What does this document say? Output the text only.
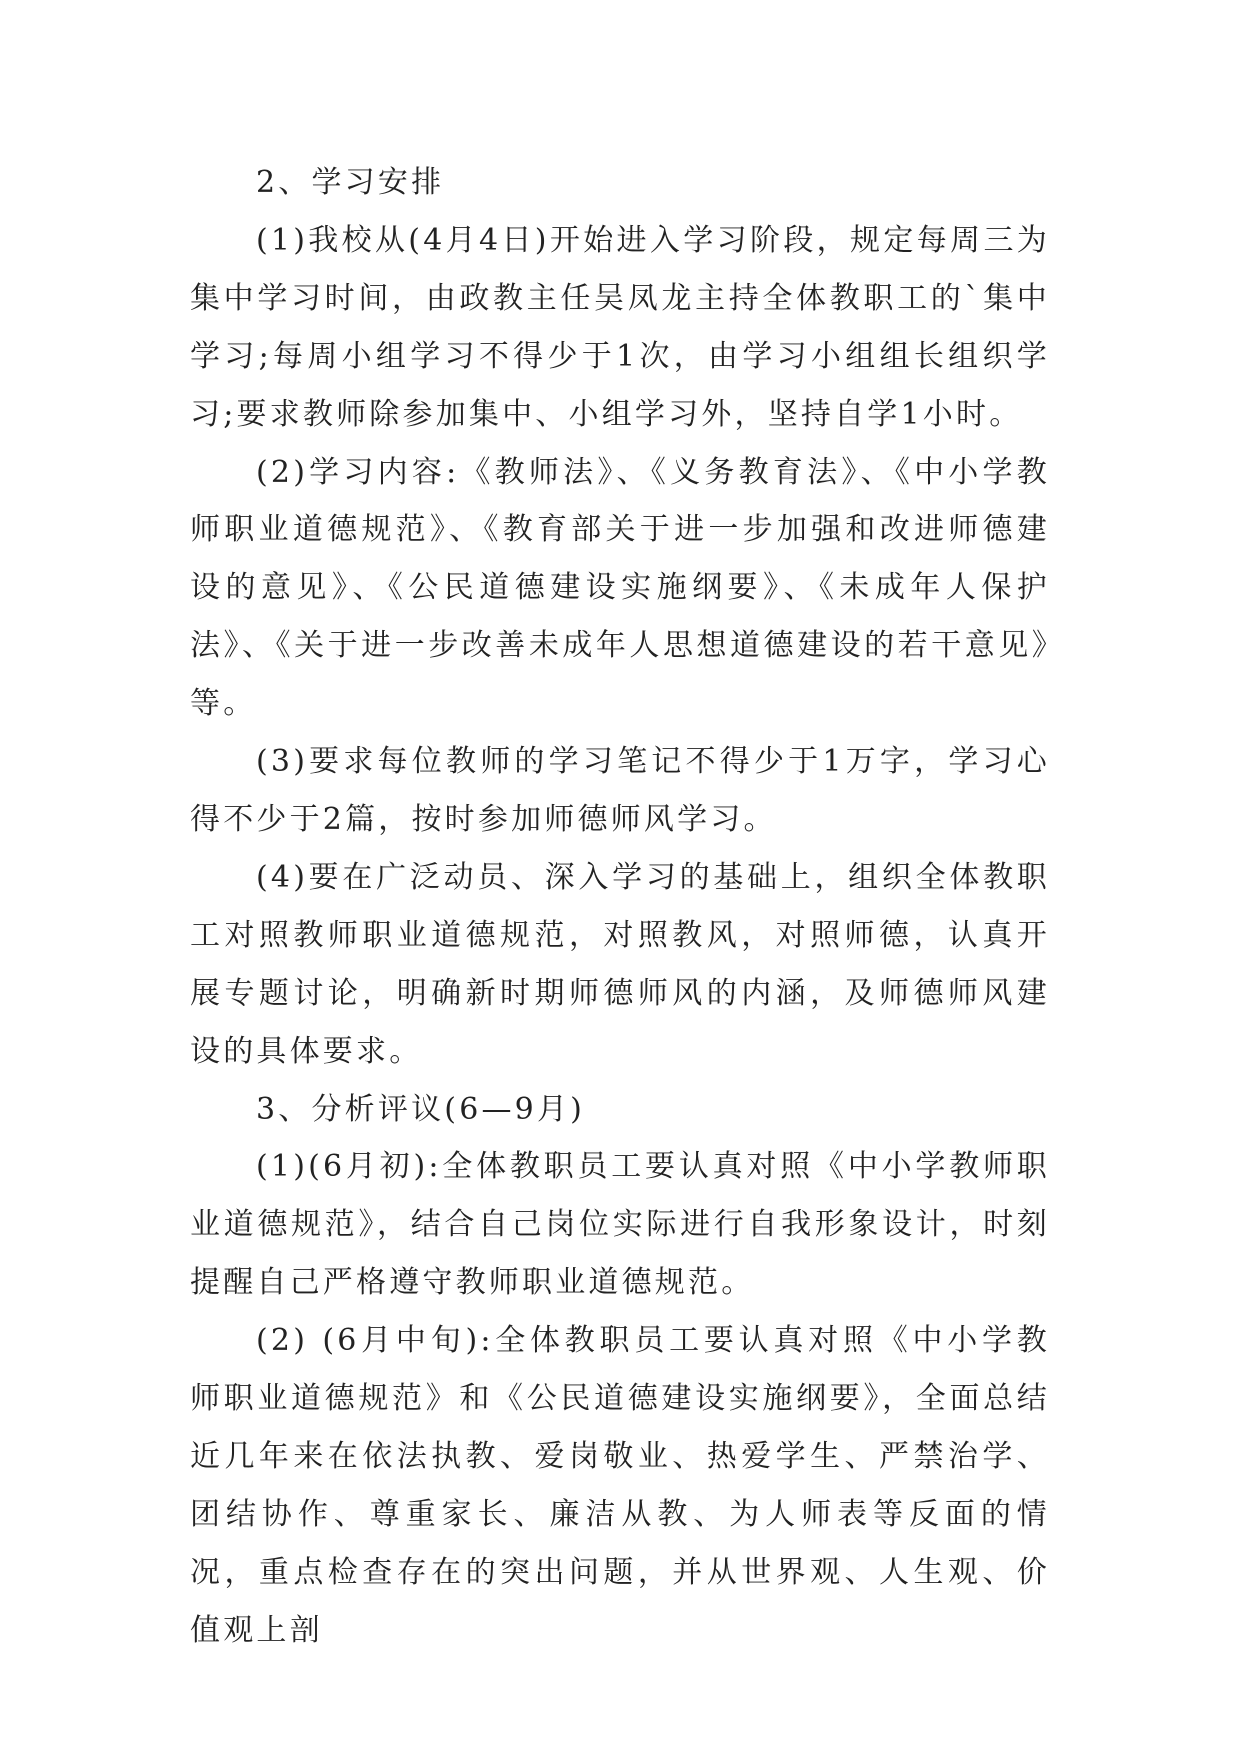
2、学习安排

(1)我校从(4月4日)开始进入学习阶段，规定每周三为集中学习时间，由政教主任吴凤龙主持全体教职工的`集中学习;每周小组学习不得少于1次，由学习小组组长组织学习;要求教师除参加集中、小组学习外，坚持自学1小时。

(2)学习内容:《教师法》、《义务教育法》、《中小学教师职业道德规范》、《教育部关于进一步加强和改进师德建设的意见》、《公民道德建设实施纲要》、《未成年人保护法》、《关于进一步改善未成年人思想道德建设的若干意见》等。

(3)要求每位教师的学习笔记不得少于1万字，学习心得不少于2篇，按时参加师德师风学习。

(4)要在广泛动员、深入学习的基础上，组织全体教职工对照教师职业道德规范，对照教风，对照师德，认真开展专题讨论，明确新时期师德师风的内涵，及师德师风建设的具体要求。

3、分析评议(6—9月)

(1)(6月初):全体教职员工要认真对照《中小学教师职业道德规范》，结合自己岗位实际进行自我形象设计，时刻提醒自己严格遵守教师职业道德规范。

(2) (6月中旬):全体教职员工要认真对照《中小学教师职业道德规范》和《公民道德建设实施纲要》，全面总结近几年来在依法执教、爱岗敬业、热爱学生、严禁治学、团结协作、尊重家长、廉洁从教、为人师表等反面的情况，重点检查存在的突出问题，并从世界观、人生观、价值观上剖
